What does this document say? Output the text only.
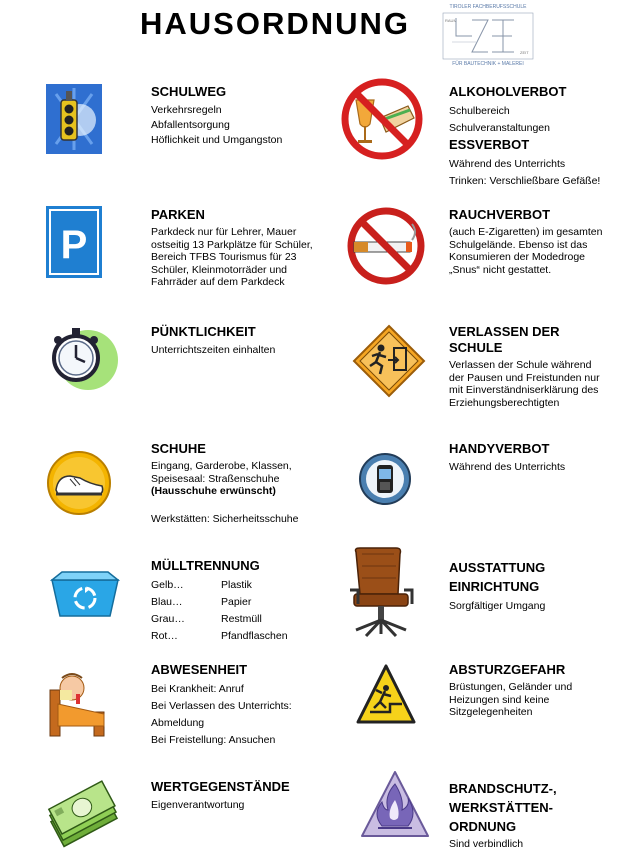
HAUSORDNUNG	TIROLER FACHBERUFSSCHULE
RAUM
ZEIT
FÜR BAUTECHNIK + MALEREI
P
SCHULWEG
Verkehrsregeln
Abfallentsorgung
Höflichkeit und Umgangston
PARKEN
Parkdeck nur für Lehrer, Mauer
ostseitig 13 Parkplätze für Schüler,
Bereich TFBS Tourismus für 23
Schüler, Kleinmotorräder und
Fahrräder auf dem Parkdeck
PÜNKTLICHKEIT
Unterrichtszeiten einhalten
SCHUHE
Eingang, Garderobe, Klassen,
Speisesaal: Straßenschuhe
(Hausschuhe erwünscht)
Werkstätten: Sicherheitsschuhe
MÜLLTRENNUNG
Gelb…	Plastik
Blau…	Papier
Grau…	Restmüll
Rot…	Pfandflaschen
ABWESENHEIT
Bei Krankheit: Anruf
Bei Verlassen des Unterrichts:
Abmeldung
Bei Freistellung: Ansuchen
WERTGEGENSTÄNDE
Eigenverantwortung
ALKOHOLVERBOT
Schulbereich
Schulveranstaltungen
ESSVERBOT
Während des Unterrichts
Trinken: Verschließbare Gefäße!
RAUCHVERBOT
(auch E-Zigaretten) im gesamten
Schulgelände. Ebenso ist das
Konsumieren der Modedroge
„Snus“ nicht gestattet.
VERLASSEN DER
SCHULE
Verlassen der Schule während
der Pausen und Freistunden nur
mit Einverständniserklärung des
Erziehungsberechtigten
HANDYVERBOT
Während des Unterrichts
AUSSTATTUNG
EINRICHTUNG
Sorgfältiger Umgang
ABSTURZGEFAHR
Brüstungen, Geländer und
Heizungen sind keine
Sitzgelegenheiten
BRANDSCHUTZ-,
WERKSTÄTTEN-
ORDNUNG
Sind verbindlich
